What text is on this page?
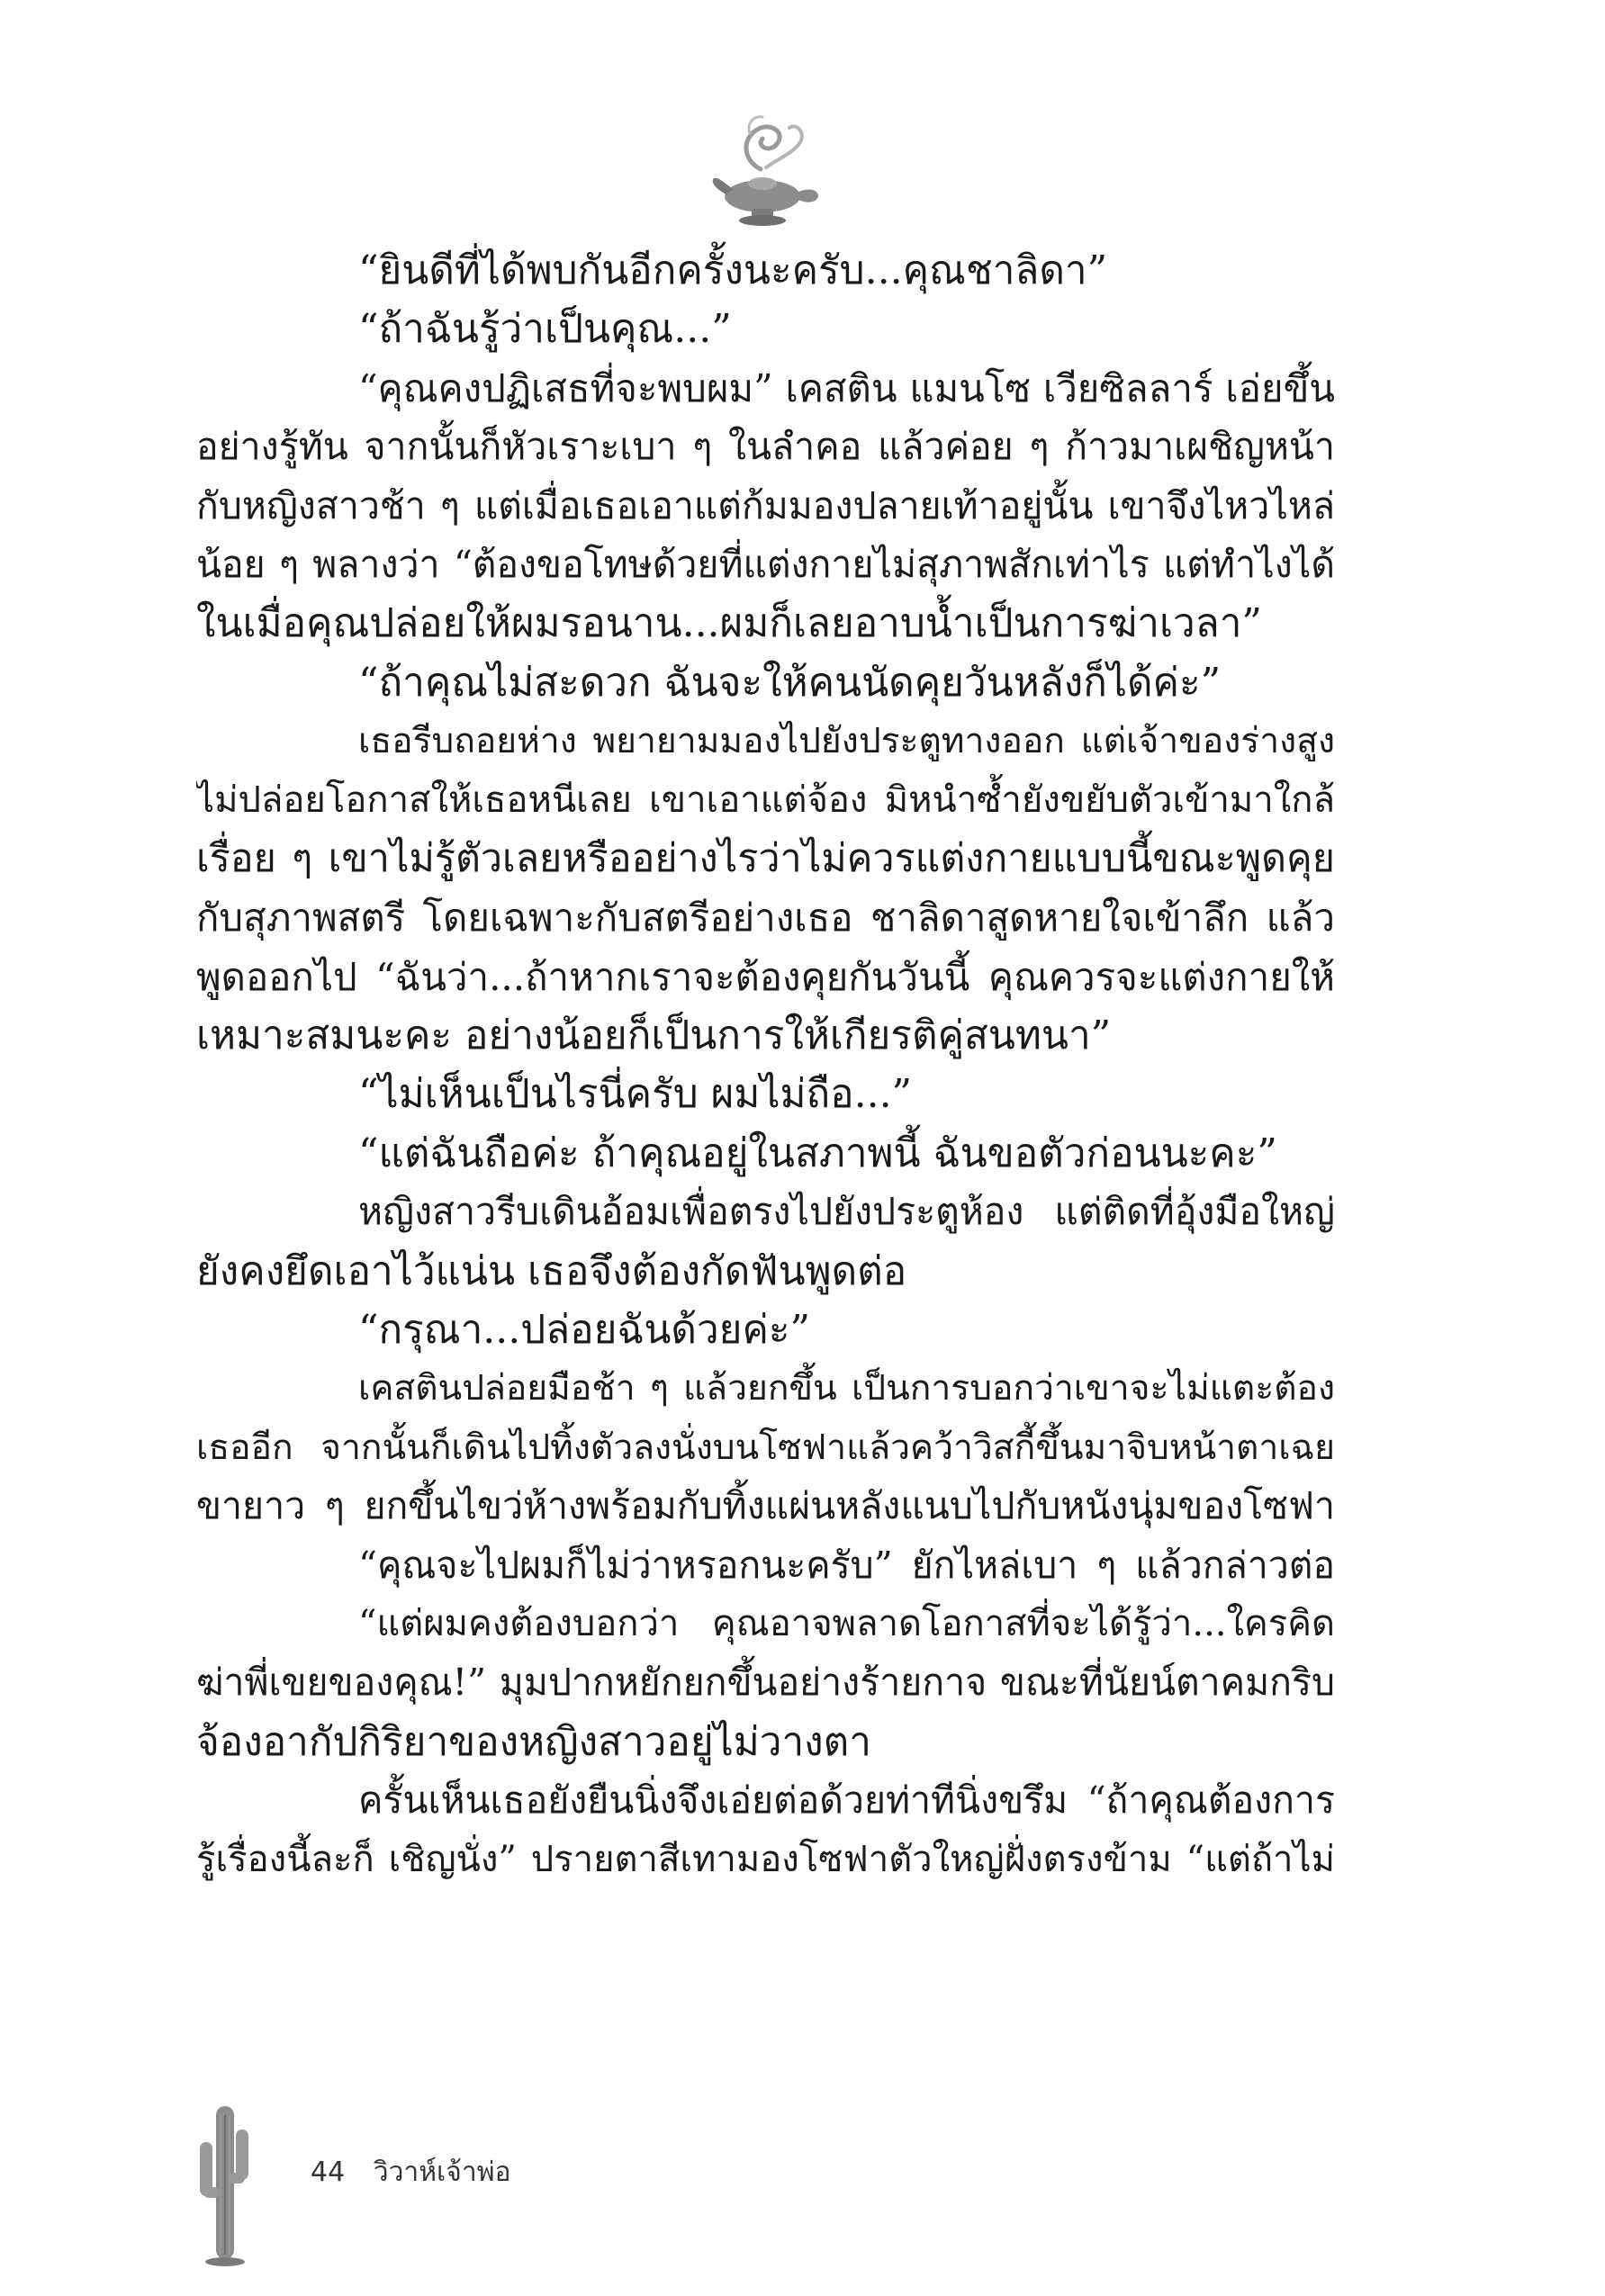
“ยินดีที่ได้พบกันอีกครั้งนะครับ...คุณชาลิดา”
“ถ้าฉันรู้ว่าเป็นคุณ...”
“คุณคงปฏิเสธที่จะพบผม” เคสติน แมนโซ เวียซิลลาร์ เอ่ยขึ้น
อย่างรู้ทัน จากนั้นก็หัวเราะเบา ๆ ในลำคอ แล้วค่อย ๆ ก้าวมาเผชิญหน้า
กับหญิงสาวช้า ๆ แต่เมื่อเธอเอาแต่ก้มมองปลายเท้าอยู่นั้น เขาจึงไหวไหล่
น้อย ๆ พลางว่า “ต้องขอโทษด้วยที่แต่งกายไม่สุภาพสักเท่าไร แต่ทำไงได้
ในเมื่อคุณปล่อยให้ผมรอนาน...ผมก็เลยอาบน้ำเป็นการฆ่าเวลา”
“ถ้าคุณไม่สะดวก ฉันจะให้คนนัดคุยวันหลังก็ได้ค่ะ”
เธอรีบถอยห่าง พยายามมองไปยังประตูทางออก แต่เจ้าของร่างสูง
ไม่ปล่อยโอกาสให้เธอหนีเลย เขาเอาแต่จ้อง มิหนำซ้ำยังขยับตัวเข้ามาใกล้
เรื่อย ๆ เขาไม่รู้ตัวเลยหรืออย่างไรว่าไม่ควรแต่งกายแบบนี้ขณะพูดคุย
กับสุภาพสตรี โดยเฉพาะกับสตรีอย่างเธอ ชาลิดาสูดหายใจเข้าลึก แล้ว
พูดออกไป “ฉันว่า...ถ้าหากเราจะต้องคุยกันวันนี้ คุณควรจะแต่งกายให้
เหมาะสมนะคะ อย่างน้อยก็เป็นการให้เกียรติคู่สนทนา”
“ไม่เห็นเป็นไรนี่ครับ ผมไม่ถือ...”
“แต่ฉันถือค่ะ ถ้าคุณอยู่ในสภาพนี้ ฉันขอตัวก่อนนะคะ”
หญิงสาวรีบเดินอ้อมเพื่อตรงไปยังประตูห้อง แต่ติดที่อุ้งมือใหญ่
ยังคงยึดเอาไว้แน่น เธอจึงต้องกัดฟันพูดต่อ
“กรุณา...ปล่อยฉันด้วยค่ะ”
เคสตินปล่อยมือช้า ๆ แล้วยกขึ้น เป็นการบอกว่าเขาจะไม่แตะต้อง
เธออีก จากนั้นก็เดินไปทิ้งตัวลงนั่งบนโซฟาแล้วคว้าวิสกี้ขึ้นมาจิบหน้าตาเฉย
ขายาว ๆ ยกขึ้นไขว่ห้างพร้อมกับทิ้งแผ่นหลังแนบไปกับหนังนุ่มของโซฟา
“คุณจะไปผมก็ไม่ว่าหรอกนะครับ” ยักไหล่เบา ๆ แล้วกล่าวต่อ
“แต่ผมคงต้องบอกว่า คุณอาจพลาดโอกาสที่จะได้รู้ว่า...ใครคิด
ฆ่าพี่เขยของคุณ!” มุมปากหยักยกขึ้นอย่างร้ายกาจ ขณะที่นัยน์ตาคมกริบ
จ้องอากัปกิริยาของหญิงสาวอยู่ไม่วางตา
ครั้นเห็นเธอยังยืนนิ่งจึงเอ่ยต่อด้วยท่าทีนิ่งขรึม “ถ้าคุณต้องการ
รู้เรื่องนี้ละก็ เชิญนั่ง” ปรายตาสีเทามองโซฟาตัวใหญ่ฝั่งตรงข้าม “แต่ถ้าไม่
44 วิวาห์เจ้าพ่อ
